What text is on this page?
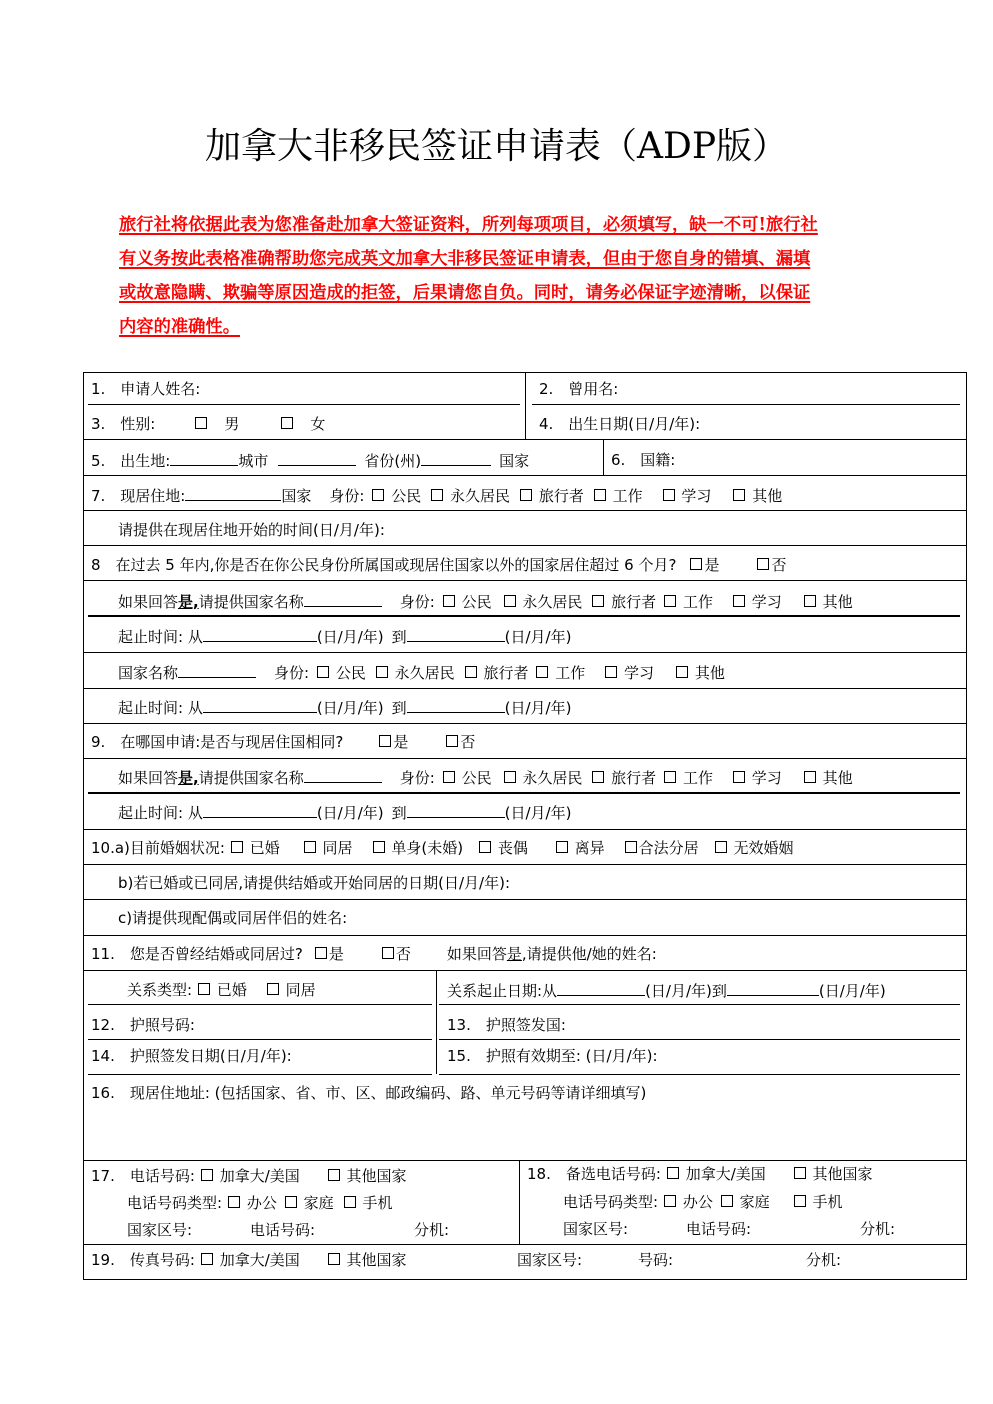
加拿大非移民签证申请表（ADP版）
旅行社将依据此表为您准备赴加拿大签证资料，所列每项项目，必须填写，缺一不可!旅行社
有义务按此表格准确帮助您完成英文加拿大非移民签证申请表，但由于您自身的错填、漏填
或故意隐瞒、欺骗等原因造成的拒签，后果请您自负。同时，请务必保证字迹清晰，以保证
内容的准确性。
1.　申请人姓名:	2.　曾用名:
3.　性别:	男	女	4.　出生日期(日/月/年):
5.　出生地:	城市	省份(州)	国家	6.　国籍:
7.　现居住地:	国家 身份: 公民 永久居民 旅行者 工作	学习	其他
请提供在现居住地开始的时间(日/月/年):
8　在过去 5 年内,你是否在你公民身份所属国或现居住国家以外的国家居住超过 6 个月? 是	否
如果回答是,请提供国家名称	身份: 公民 永久居民 旅行者 工作	学习	其他
起止时间: 从	(日/月/年) 到	(日/月/年)
国家名称	身份: 公民 永久居民 旅行者 工作	学习	其他
起止时间: 从	(日/月/年) 到	(日/月/年)
9.　在哪国申请:是否与现居住国相同?	是	否
如果回答是,请提供国家名称	身份: 公民 永久居民 旅行者 工作	学习	其他
起止时间: 从	(日/月/年) 到	(日/月/年)
10.a)目前婚姻状况: 已婚	同居	单身(未婚) 丧偶	离异 合法分居 无效婚姻
b)若已婚或已同居,请提供结婚或开始同居的日期(日/月/年):
c)请提供现配偶或同居伴侣的姓名:
11.　您是否曾经结婚或同居过? 是	否 如果回答是,请提供他/她的姓名:
关系类型: 已婚	同居	关系起止日期:从	(日/月/年)到	(日/月/年)
12.　护照号码:	13.　护照签发国:
14.　护照签发日期(日/月/年):	15.　护照有效期至: (日/月/年):
16.　现居住地址: (包括国家、省、市、区、邮政编码、路、单元号码等请详细填写)
17.　电话号码: 加拿大/美国	其他国家
电话号码类型: 办公 家庭 手机
国家区号:	电话号码:	分机:
18.　备选电话号码: 加拿大/美国	其他国家
电话号码类型: 办公 家庭	手机
国家区号:	电话号码:	分机:
19.　传真号码: 加拿大/美国	其他国家	国家区号:	号码:	分机:
